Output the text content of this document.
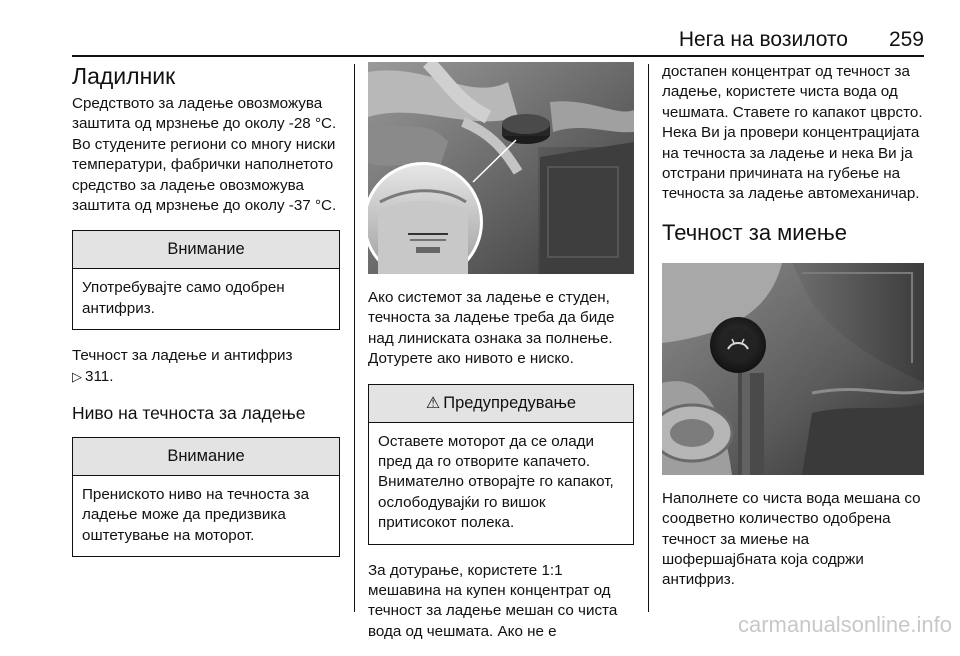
Нега на возилото 259
Ладилник

Средството за ладење овозможува заштита од мрзнење до околу -28 °C. Во студените региони со многу ниски температури, фабрички наполнетото средство за ладење овозможува заштита од мрзнење до околу -37 °C.

Внимание
Употребувајте само одобрен антифриз.

Течност за ладење и антифриз
▷ 311.

Ниво на течноста за ладење
Внимание
Прениското ниво на течноста за ладење може да предизвика оштетување на моторот.

Ако системот за ладење е студен, течноста за ладење треба да биде над линиската ознака за полнење. Дотурете ако нивото е ниско.

⚠ Предупредување
Оставете моторот да се олади пред да го отворите капачето. Внимателно отворајте го капакот, ослободувајќи го вишок притисокот полека.

За дотурање, користете 1:1 мешавина на купен концентрат од течност за ладење мешан со чиста вода од чешмата. Ако не е

достапен концентрат од течност за ладење, користете чиста вода од чешмата. Ставете го капакот цврсто. Нека Ви ја провери концентрацијата на течноста за ладење и нека Ви ја отстрани причината на губење на течноста за ладење автомеханичар.

Течност за миење

Наполнете со чиста вода мешана со соодветно количество одобрена течност за миење на шофершајбната која содржи антифриз.

carmanualsonline.info
